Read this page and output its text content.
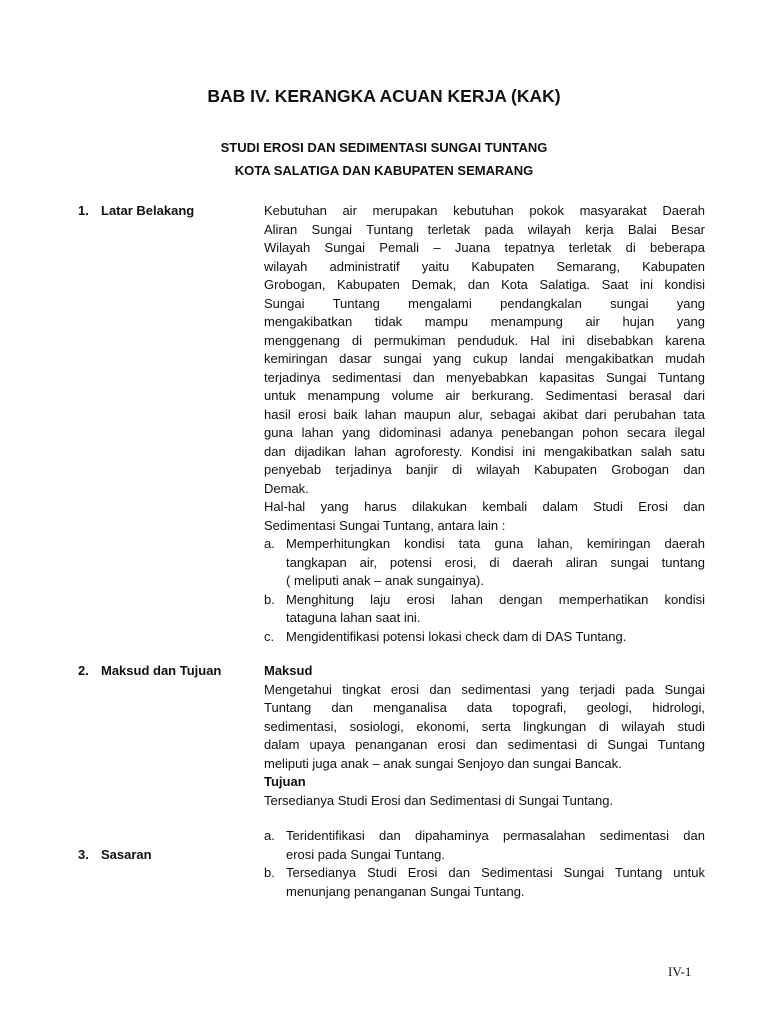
BAB IV. KERANGKA ACUAN KERJA (KAK)
STUDI EROSI DAN SEDIMENTASI SUNGAI TUNTANG
KOTA SALATIGA DAN KABUPATEN SEMARANG
1. Latar Belakang	Kebutuhan air merupakan kebutuhan pokok masyarakat Daerah
Aliran Sungai Tuntang terletak pada wilayah kerja Balai Besar
Wilayah Sungai Pemali – Juana tepatnya terletak di beberapa
wilayah administratif yaitu Kabupaten Semarang, Kabupaten
Grobogan, Kabupaten Demak, dan Kota Salatiga. Saat ini kondisi
Sungai Tuntang mengalami pendangkalan sungai yang
mengakibatkan tidak mampu menampung air hujan yang
menggenang di permukiman penduduk. Hal ini disebabkan karena
kemiringan dasar sungai yang cukup landai mengakibatkan mudah
terjadinya sedimentasi dan menyebabkan kapasitas Sungai Tuntang
untuk menampung volume air berkurang. Sedimentasi berasal dari
hasil erosi baik lahan maupun alur, sebagai akibat dari perubahan tata
guna lahan yang didominasi adanya penebangan pohon secara ilegal
dan dijadikan lahan agroforesty. Kondisi ini mengakibatkan salah satu
penyebab terjadinya banjir di wilayah Kabupaten Grobogan dan
Demak.
Hal-hal yang harus dilakukan kembali dalam Studi Erosi dan
Sedimentasi Sungai Tuntang, antara lain :
a. Memperhitungkan kondisi tata guna lahan, kemiringan daerah
tangkapan air, potensi erosi, di daerah aliran sungai tuntang
( meliputi anak – anak sungainya).
b. Menghitung laju erosi lahan dengan memperhatikan kondisi
tataguna lahan saat ini.
c. Mengidentifikasi potensi lokasi check dam di DAS Tuntang.
2. Maksud dan Tujuan	Maksud
Mengetahui tingkat erosi dan sedimentasi yang terjadi pada Sungai
Tuntang dan menganalisa data topografi, geologi, hidrologi,
sedimentasi, sosiologi, ekonomi, serta lingkungan di wilayah studi
dalam upaya penanganan erosi dan sedimentasi di Sungai Tuntang
meliputi juga anak – anak sungai Senjoyo dan sungai Bancak.
Tujuan
Tersedianya Studi Erosi dan Sedimentasi di Sungai Tuntang.
3. Sasaran
a. Teridentifikasi dan dipahaminya permasalahan sedimentasi dan
erosi pada Sungai Tuntang.
b. Tersedianya Studi Erosi dan Sedimentasi Sungai Tuntang untuk
menunjang penanganan Sungai Tuntang.
IV-1
